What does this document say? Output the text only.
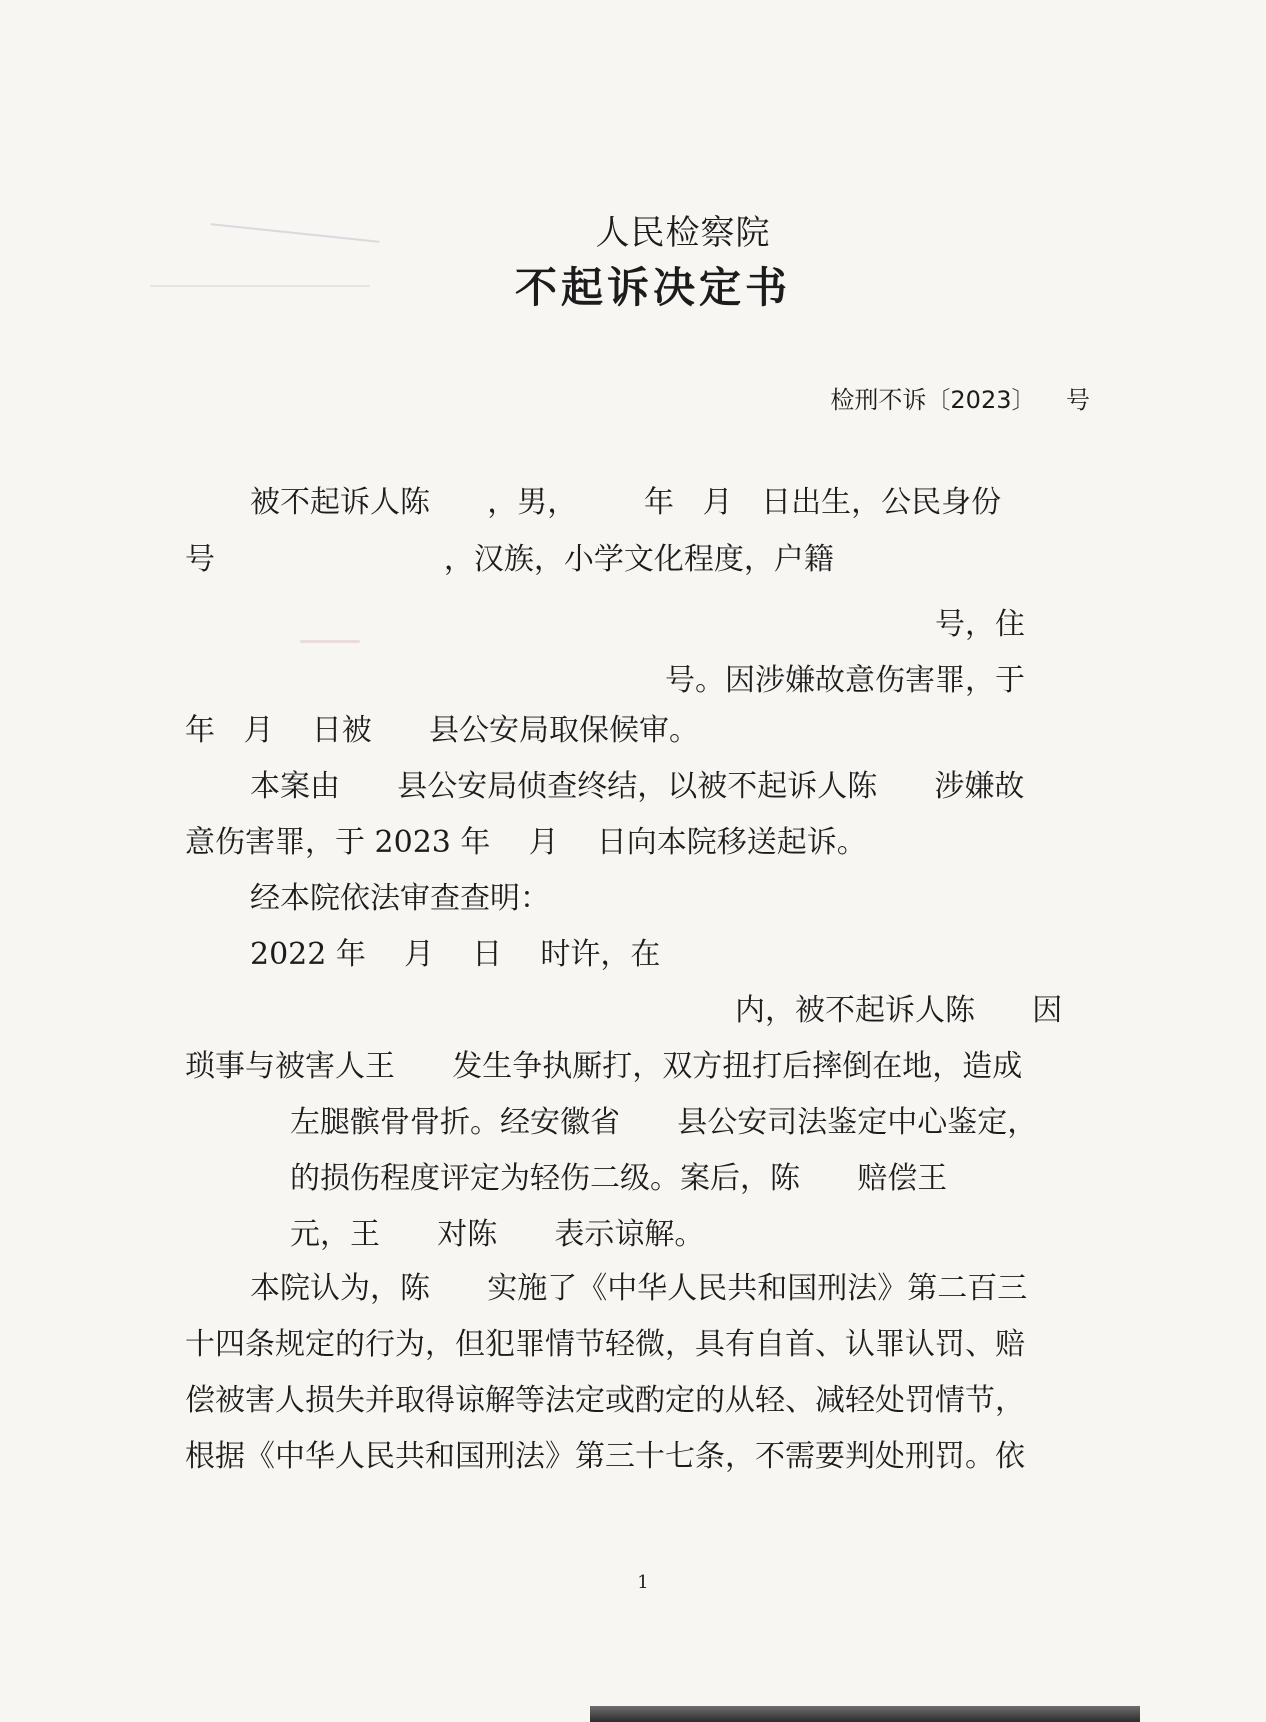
人民检察院
不起诉决定书
检刑不诉〔2023〕    号
被不起诉人陈      ，男，       年   月   日出生，公民身份
号                        ，汉族，小学文化程度，户籍
号，住
号。因涉嫌故意伤害罪，于
年   月    日被      县公安局取保候审。
本案由      县公安局侦查终结，以被不起诉人陈      涉嫌故
意伤害罪，于 2023 年    月    日向本院移送起诉。
经本院依法审查查明：
2022 年    月    日    时许，在
内，被不起诉人陈      因
琐事与被害人王      发生争执厮打，双方扭打后摔倒在地，造成
左腿髌骨骨折。经安徽省      县公安司法鉴定中心鉴定，
的损伤程度评定为轻伤二级。案后，陈      赔偿王
元，王      对陈      表示谅解。
本院认为，陈      实施了《中华人民共和国刑法》第二百三
十四条规定的行为，但犯罪情节轻微，具有自首、认罪认罚、赔
偿被害人损失并取得谅解等法定或酌定的从轻、减轻处罚情节，
根据《中华人民共和国刑法》第三十七条，不需要判处刑罚。依
1
